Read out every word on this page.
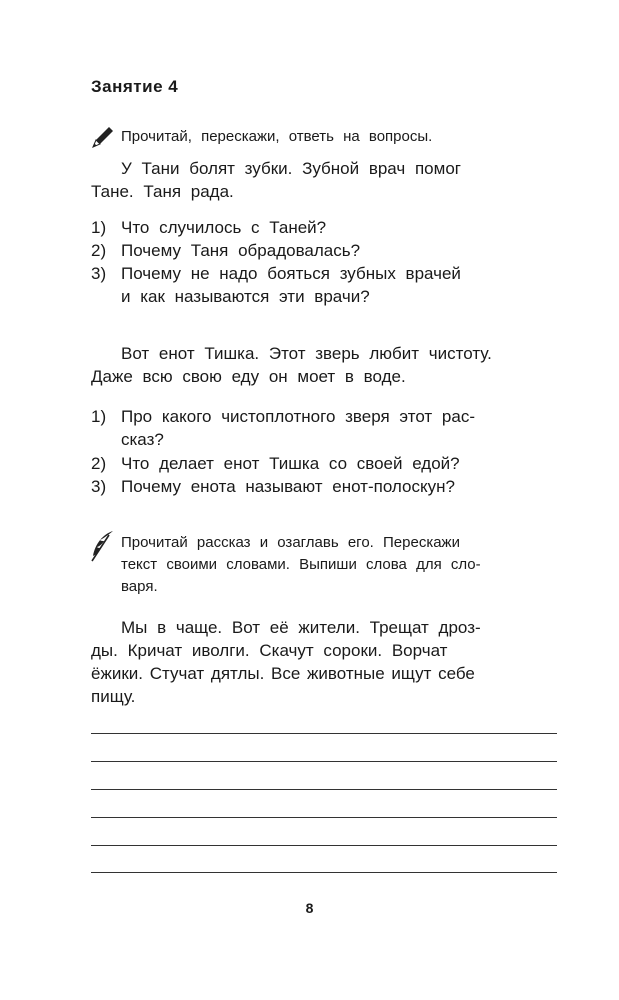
Занятие 4
Прочитай, перескажи, ответь на вопросы.
У Тани болят зубки. Зубной врач помог
Тане. Таня рада.
1) Что случилось с Таней?
2) Почему Таня обрадовалась?
3) Почему не надо бояться зубных врачей
и как называются эти врачи?
Вот енот Тишка. Этот зверь любит чистоту.
Даже всю свою еду он моет в воде.
1) Про какого чистоплотного зверя этот рас-
сказ?
2) Что делает енот Тишка со своей едой?
3) Почему енота называют енот-полоскун?
Прочитай рассказ и озаглавь его. Перескажи
текст своими словами. Выпиши слова для сло-
варя.
Мы в чаще. Вот её жители. Трещат дроз-
ды. Кричат иволги. Скачут сороки. Ворчат
ёжики. Стучат дятлы. Все животные ищут себе
пищу.
8
